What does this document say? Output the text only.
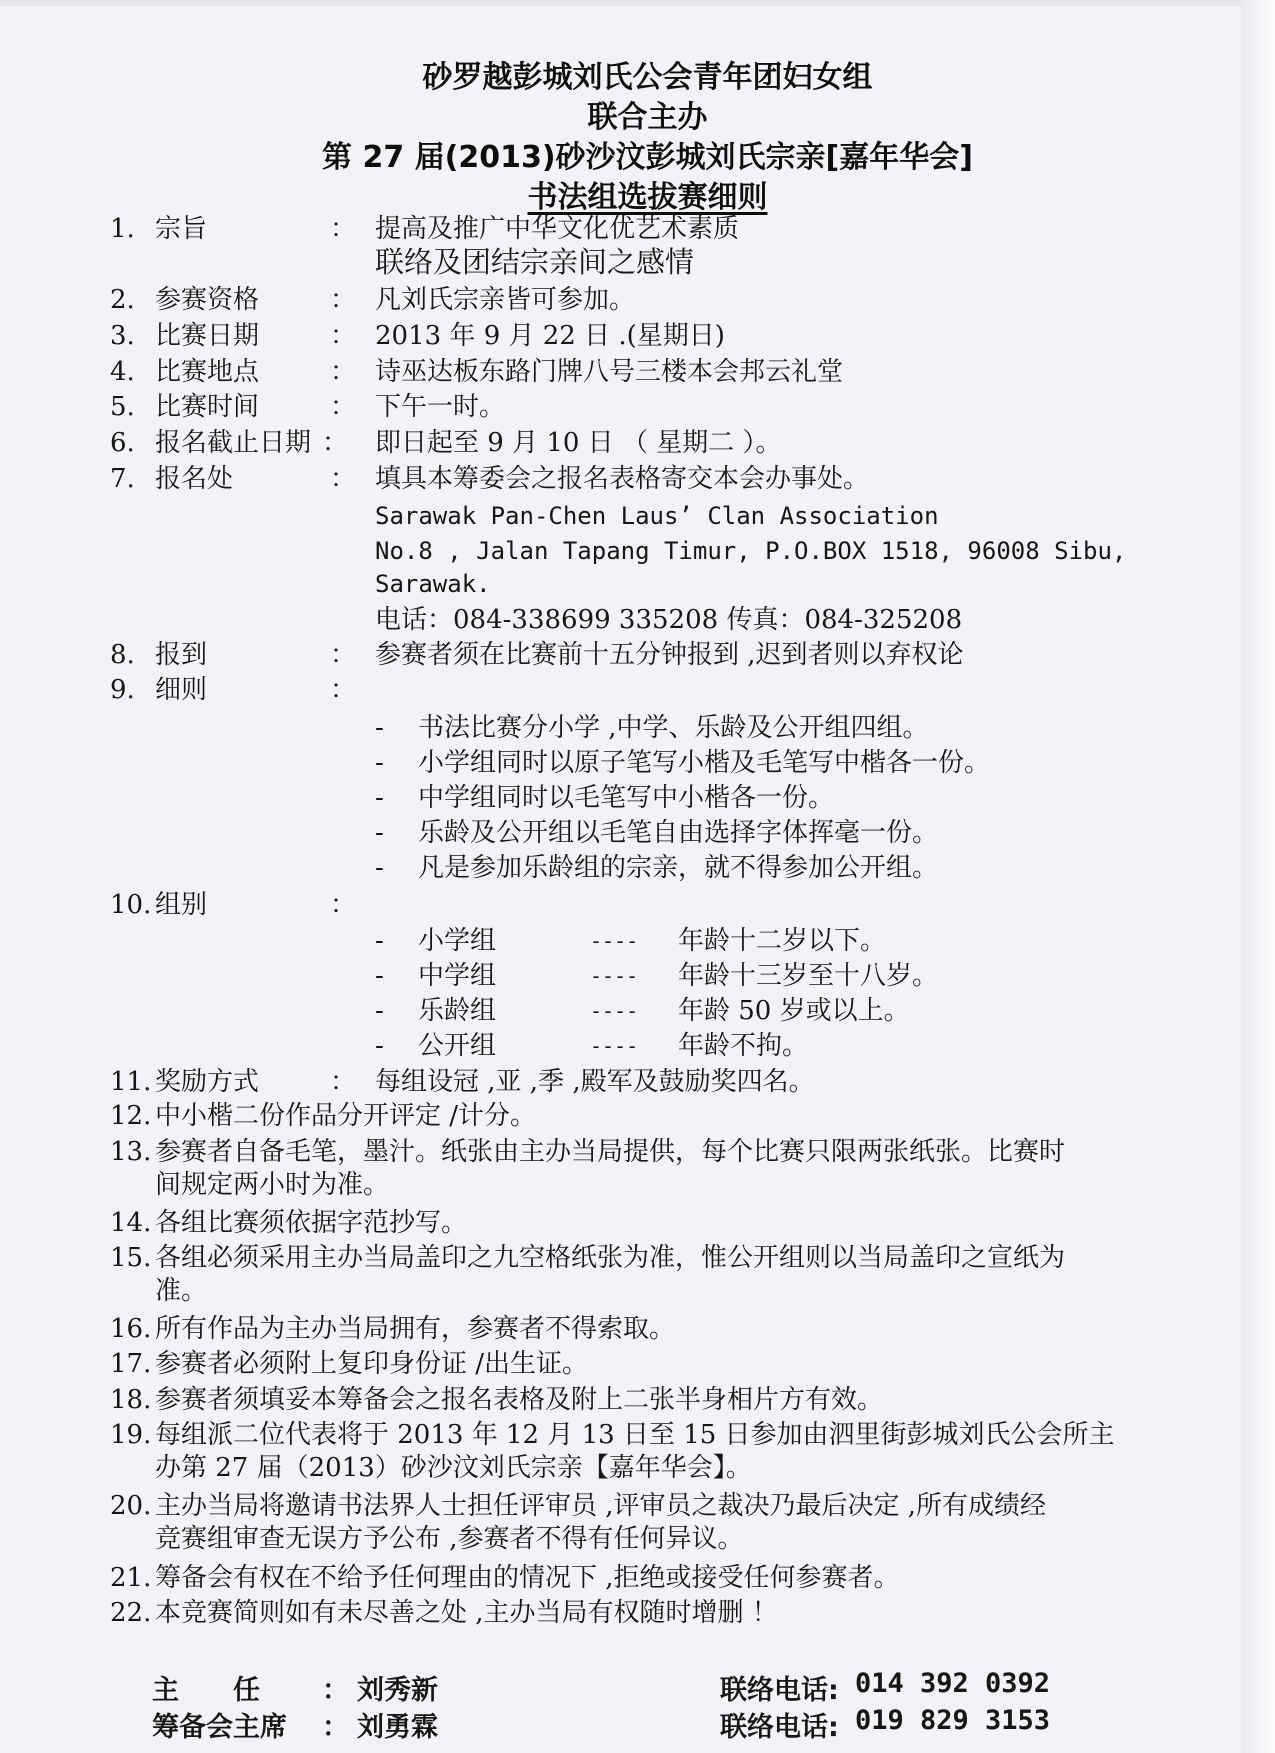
砂罗越彭城刘氏公会青年团妇女组
联合主办
第 27 届(2013)砂沙汶彭城刘氏宗亲[嘉年华会]
书法组选拔赛细则
1. 宗旨	： 提高及推广中华文化优艺术素质
联络及团结宗亲间之感情
2. 参赛资格	： 凡刘氏宗亲皆可参加。
3. 比赛日期	： 2013 年 9 月 22 日 .(星期日)
4. 比赛地点	： 诗巫达板东路门牌八号三楼本会邦云礼堂
5. 比赛时间	： 下午一时。
6. 报名截止日期 ： 即日起至 9 月 10 日 （ 星期二 ）。
7. 报名处	： 填具本筹委会之报名表格寄交本会办事处。
Sarawak Pan-Chen Laus’ Clan Association
No.8 , Jalan Tapang Timur, P.O.BOX 1518, 96008 Sibu,
Sarawak.
电话：084-338699 335208 传真：084-325208
8. 报到	： 参赛者须在比赛前十五分钟报到 ,迟到者则以弃权论
9. 细则	：
- 书法比赛分小学 ,中学、乐龄及公开组四组。
- 小学组同时以原子笔写小楷及毛笔写中楷各一份。
- 中学组同时以毛笔写中小楷各一份。
- 乐龄及公开组以毛笔自由选择字体挥毫一份。
- 凡是参加乐龄组的宗亲，就不得参加公开组。
10. 组别	：
- 小学组	---- 年龄十二岁以下。
- 中学组	---- 年龄十三岁至十八岁。
- 乐龄组	---- 年龄 50 岁或以上。
- 公开组	---- 年龄不拘。
11. 奖励方式	： 每组设冠 ,亚 ,季 ,殿军及鼓励奖四名。
12. 中小楷二份作品分开评定 /计分。
13. 参赛者自备毛笔，墨汁。纸张由主办当局提供，每个比赛只限两张纸张。比赛时
间规定两小时为准。
14. 各组比赛须依据字范抄写。
15. 各组必须采用主办当局盖印之九空格纸张为准，惟公开组则以当局盖印之宣纸为
准。
16. 所有作品为主办当局拥有，参赛者不得索取。
17. 参赛者必须附上复印身份证 /出生证。
18. 参赛者须填妥本筹备会之报名表格及附上二张半身相片方有效。
19. 每组派二位代表将于 2013 年 12 月 13 日至 15 日参加由泗里街彭城刘氏公会所主
办第 27 届（2013）砂沙汶刘氏宗亲【嘉年华会】。
20. 主办当局将邀请书法界人士担任评审员 ,评审员之裁决乃最后决定 ,所有成绩经
竞赛组审查无误方予公布 ,参赛者不得有任何异议。
21. 筹备会有权在不给予任何理由的情况下 ,拒绝或接受任何参赛者。
22. 本竞赛简则如有未尽善之处 ,主办当局有权随时增删 ！
主　　任 ： 刘秀新	联络电话: 014 392 0392
筹备会主席 ： 刘勇霖	联络电话: 019 829 3153
